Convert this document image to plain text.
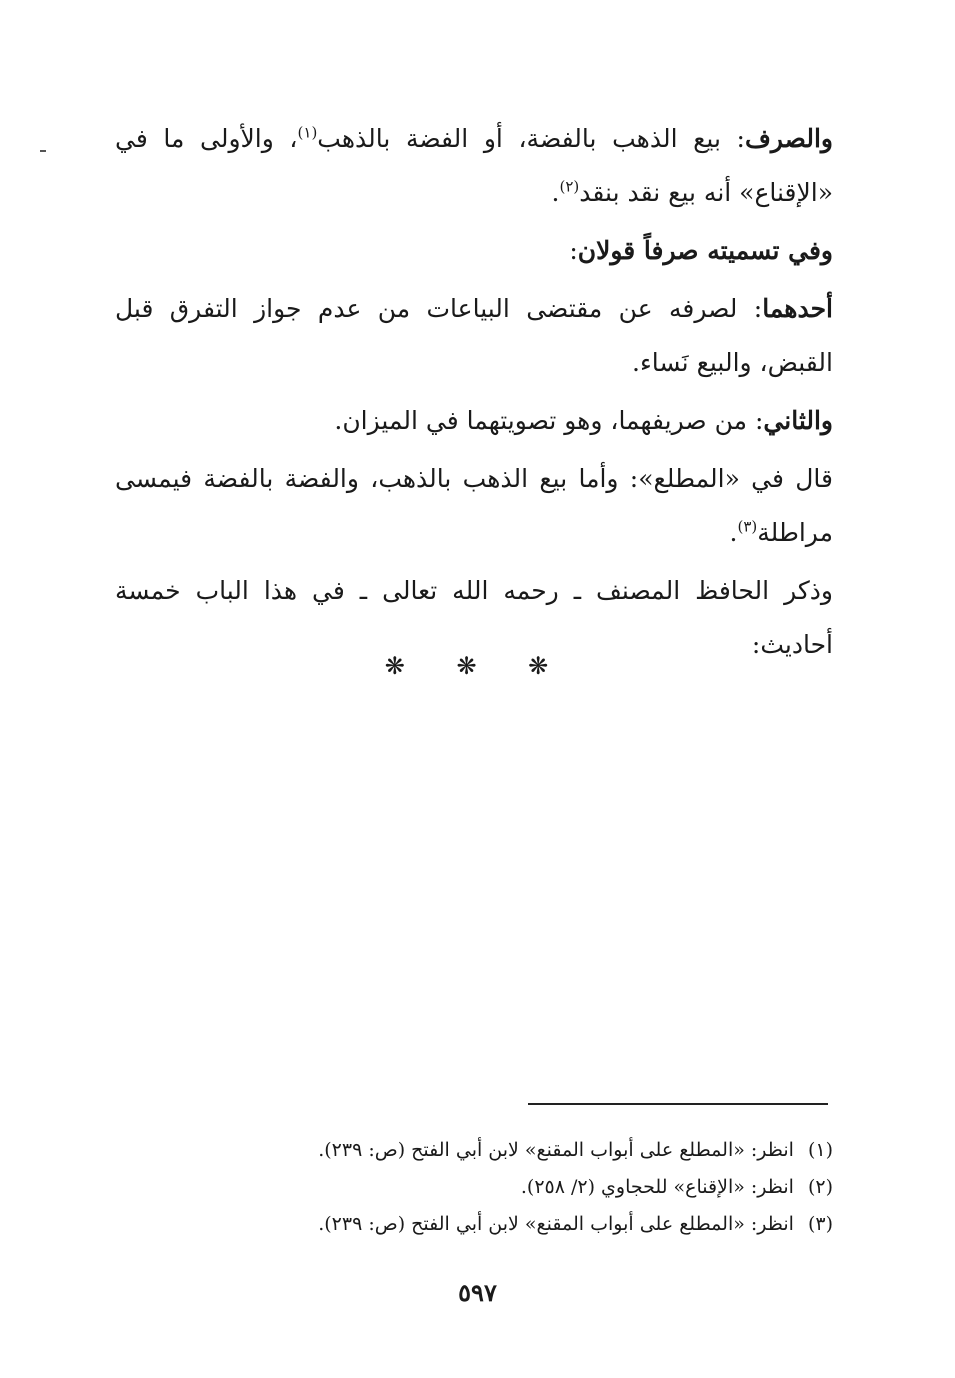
والصرف: بيع الذهب بالفضة، أو الفضة بالذهب$^{(١)}$، والأولى ما في «الإقناع» أنه بيع نقد بنقد$^{(٢)}$.

وفي تسميته صرفاً قولان:

أحدهما: لصرفه عن مقتضى البياعات من عدم جواز التفرق قبل القبض، والبيع نَساء.

والثاني: من صريفهما، وهو تصويتهما في الميزان.

قال في «المطلع»: وأما بيع الذهب بالذهب، والفضة بالفضة فيمسى مراطلة$^{(٣)}$.

وذكر الحافظ المصنف ـ رحمه الله تعالى ـ في هذا الباب خمسة أحاديث:

❋ ❋ ❋
(١)انظر: «المطلع على أبواب المقنع» لابن أبي الفتح (ص: ٢٣٩).
(٢)انظر: «الإقناع» للحجاوي (٢/ ٢٥٨).
(٣)انظر: «المطلع على أبواب المقنع» لابن أبي الفتح (ص: ٢٣٩).
٥٩٧
